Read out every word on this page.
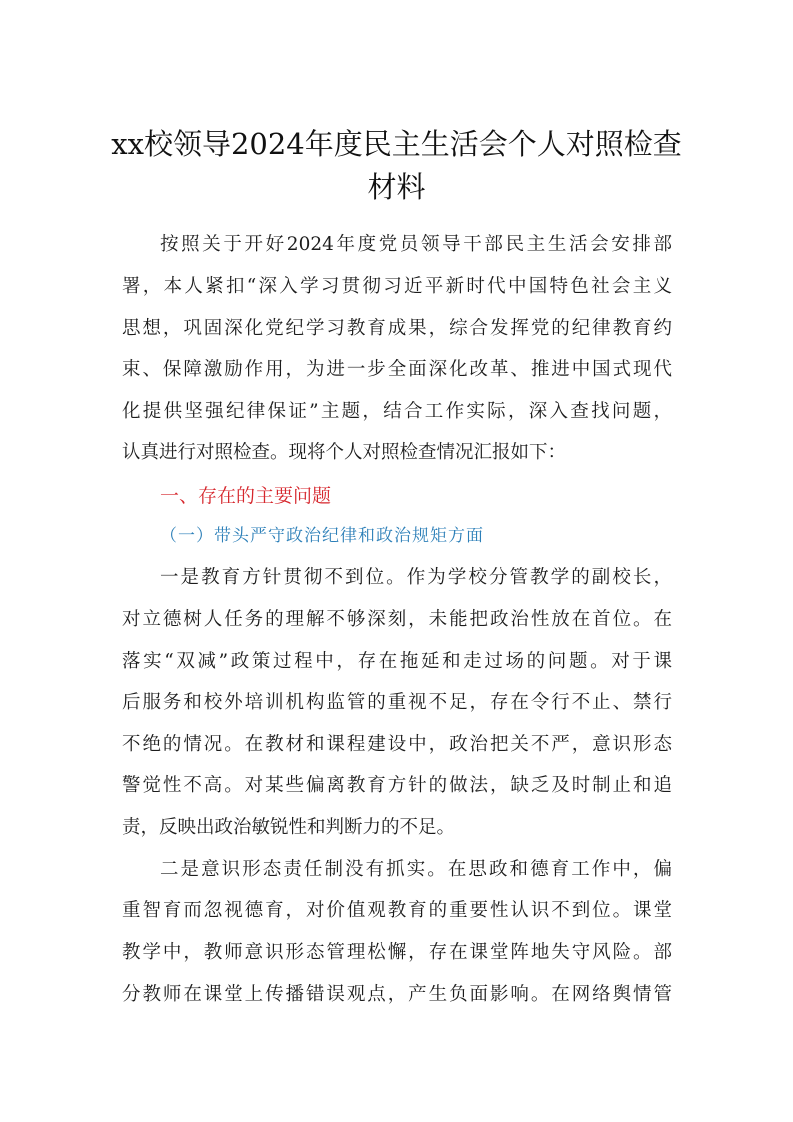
xx校领导2024年度民主生活会个人对照检查
材料
按照关于开好2024年度党员领导干部民主生活会安排部
署，本人紧扣“深入学习贯彻习近平新时代中国特色社会主义
思想，巩固深化党纪学习教育成果，综合发挥党的纪律教育约
束、保障激励作用，为进一步全面深化改革、推进中国式现代
化提供坚强纪律保证”主题，结合工作实际，深入查找问题，
认真进行对照检查。现将个人对照检查情况汇报如下：
一、存在的主要问题
（一）带头严守政治纪律和政治规矩方面
一是教育方针贯彻不到位。作为学校分管教学的副校长，
对立德树人任务的理解不够深刻，未能把政治性放在首位。在
落实“双减”政策过程中，存在拖延和走过场的问题。对于课
后服务和校外培训机构监管的重视不足，存在令行不止、禁行
不绝的情况。在教材和课程建设中，政治把关不严，意识形态
警觉性不高。对某些偏离教育方针的做法，缺乏及时制止和追
责，反映出政治敏锐性和判断力的不足。
二是意识形态责任制没有抓实。在思政和德育工作中，偏
重智育而忽视德育，对价值观教育的重要性认识不到位。课堂
教学中，教师意识形态管理松懈，存在课堂阵地失守风险。部
分教师在课堂上传播错误观点，产生负面影响。在网络舆情管
